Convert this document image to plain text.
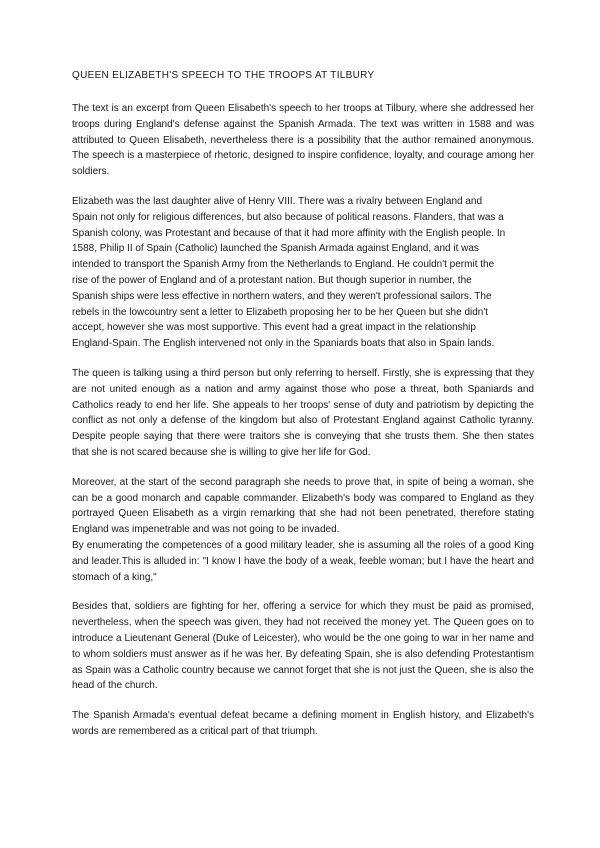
QUEEN ELIZABETH'S SPEECH TO THE TROOPS AT TILBURY

The text is an excerpt from Queen Elisabeth's speech to her troops at Tilbury, where she addressed her troops during England's defense against the Spanish Armada. The text was written in 1588 and was attributed to Queen Elisabeth, nevertheless there is a possibility that the author remained anonymous. The speech is a masterpiece of rhetoric, designed to inspire confidence, loyalty, and courage among her soldiers.

Elizabeth was the last daughter alive of Henry VIII. There was a rivalry between England and Spain not only for religious differences, but also because of political reasons. Flanders, that was a Spanish colony, was Protestant and because of that it had more affinity with the English people. In 1588, Philip II of Spain (Catholic) launched the Spanish Armada against England, and it was intended to transport the Spanish Army from the Netherlands to England. He couldn't permit the rise of the power of England and of a protestant nation. But though superior in number, the Spanish ships were less effective in northern waters, and they weren't professional sailors. The rebels in the lowcountry sent a letter to Elizabeth proposing her to be her Queen but she didn't accept, however she was most supportive. This event had a great impact in the relationship England-Spain. The English intervened not only in the Spaniards boats that also in Spain lands.

The queen is talking using a third person but only referring to herself. Firstly, she is expressing that they are not united enough as a nation and army against those who pose a threat, both Spaniards and Catholics ready to end her life. She appeals to her troops' sense of duty and patriotism by depicting the conflict as not only a defense of the kingdom but also of Protestant England against Catholic tyranny. Despite people saying that there were traitors she is conveying that she trusts them. She then states that she is not scared because she is willing to give her life for God.

Moreover, at the start of the second paragraph she needs to prove that, in spite of being a woman, she can be a good monarch and capable commander. Elizabeth's body was compared to England as they portrayed Queen Elisabeth as a virgin remarking that she had not been penetrated, therefore stating England was impenetrable and was not going to be invaded.

By enumerating the competences of a good military leader, she is assuming all the roles of a good King and leader.This is alluded in: "I know I have the body of a weak, feeble woman; but I have the heart and stomach of a king,"

Besides that, soldiers are fighting for her, offering a service for which they must be paid as promised, nevertheless, when the speech was given, they had not received the money yet. The Queen goes on to introduce a Lieutenant General (Duke of Leicester), who would be the one going to war in her name and to whom soldiers must answer as if he was her. By defeating Spain, she is also defending Protestantism as Spain was a Catholic country because we cannot forget that she is not just the Queen, she is also the head of the church.

The Spanish Armada's eventual defeat became a defining moment in English history, and Elizabeth's words are remembered as a critical part of that triumph.
